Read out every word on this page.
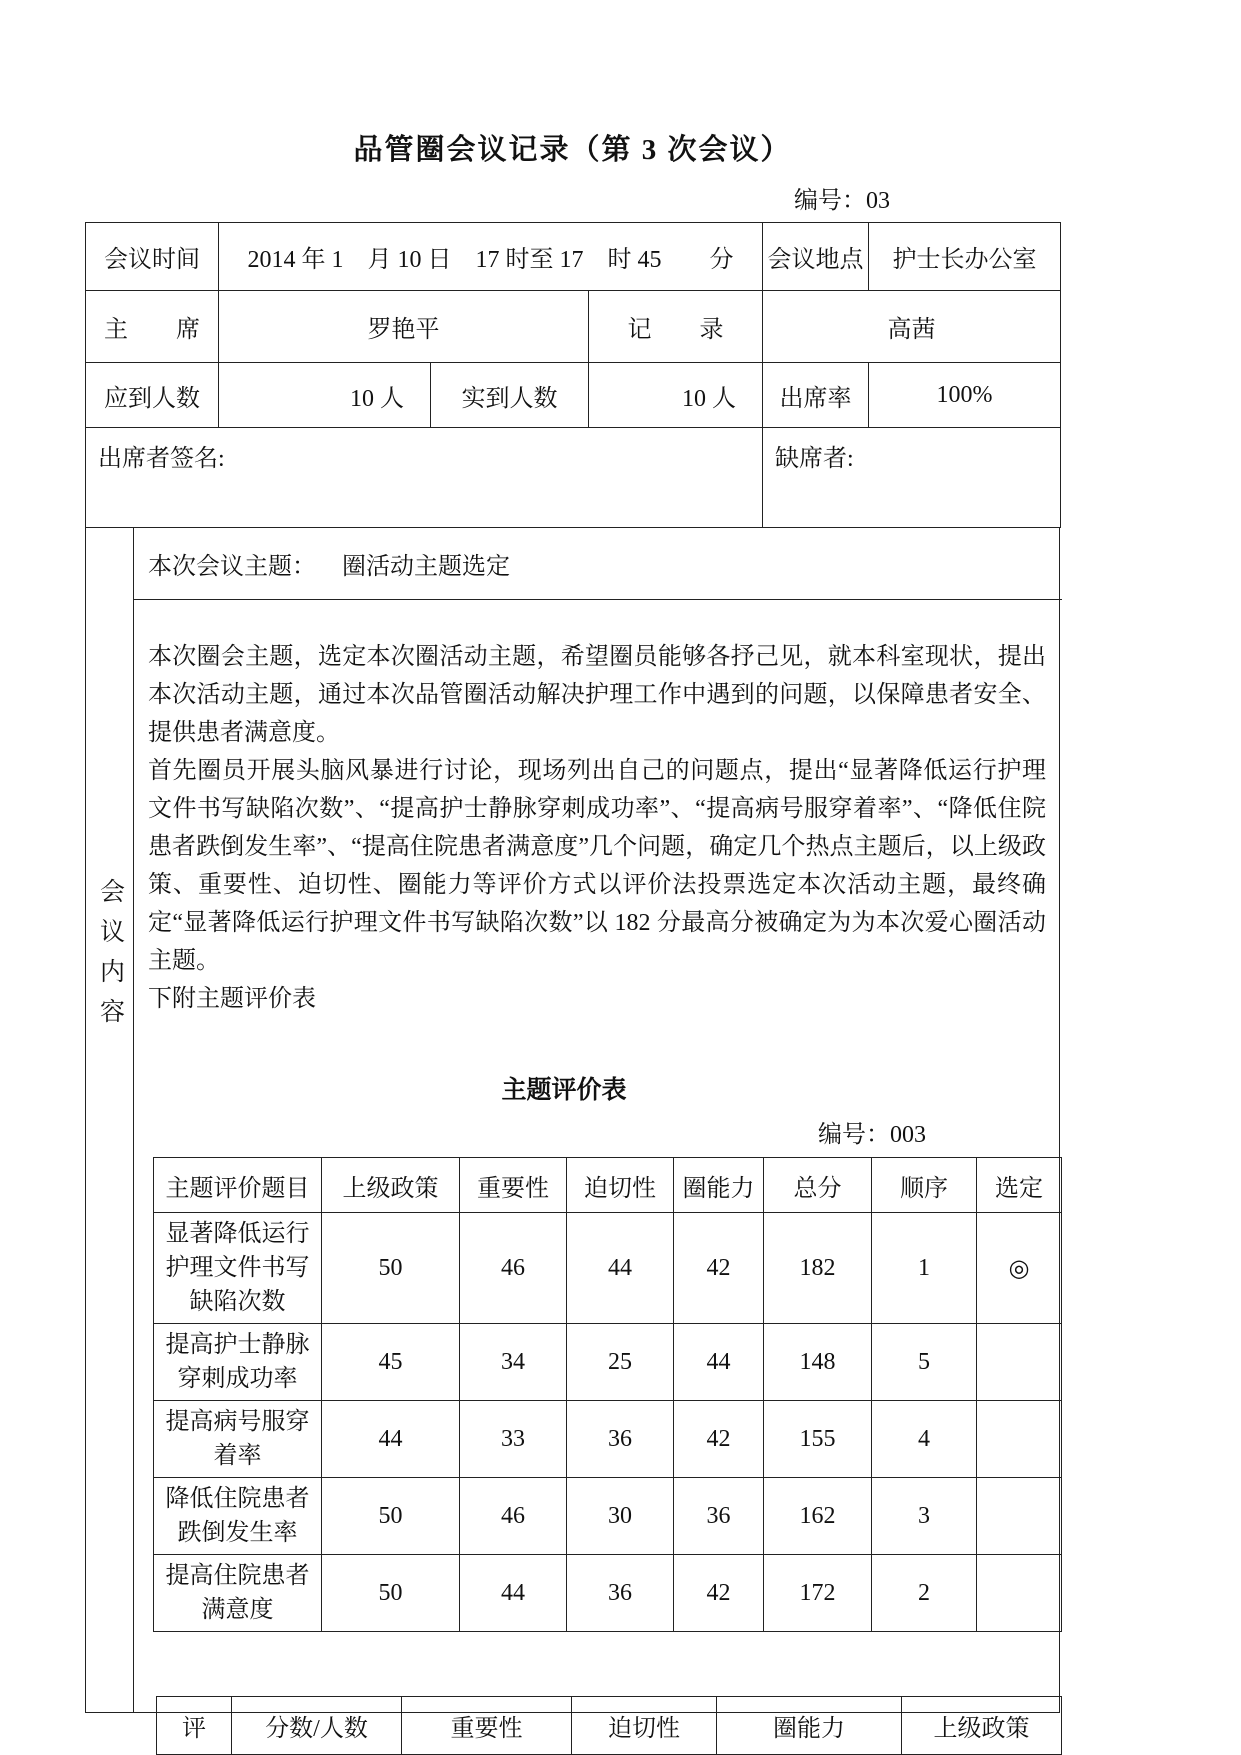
品管圈会议记录（第 3 次会议）
编号：03
会议时间	2014 年 1　月 10 日　17 时至 17　时 45　　分			会议地点	护士长办公室
主　　席	罗艳平		记　　录	高茜	
应到人数	10 人	实到人数	10 人	出席率	100%
出席者签名:				缺席者:	
会议内容
本次会议主题： 圈活动主题选定
本次圈会主题，选定本次圈活动主题，希望圈员能够各抒己见，就本科室现状，提出本次活动主题，通过本次品管圈活动解决护理工作中遇到的问题，以保障患者安全、提供患者满意度。
首先圈员开展头脑风暴进行讨论，现场列出自己的问题点，提出“显著降低运行护理文件书写缺陷次数”、“提高护士静脉穿刺成功率”、“提高病号服穿着率”、“降低住院患者跌倒发生率”、“提高住院患者满意度”几个问题，确定几个热点主题后，以上级政策、重要性、迫切性、圈能力等评价方式以评价法投票选定本次活动主题，最终确定“显著降低运行护理文件书写缺陷次数”以 182 分最高分被确定为为本次爱心圈活动主题。
下附主题评价表
主题评价表
编号：003
主题评价题目	上级政策	重要性	迫切性	圈能力	总分	顺序	选定
显著降低运行护理文件书写缺陷次数	50	46	44	42	182	1	◎
提高护士静脉穿刺成功率	45	34	25	44	148	5	
提高病号服穿着率	44	33	36	42	155	4	
降低住院患者跌倒发生率	50	46	30	36	162	3	
提高住院患者满意度	50	44	36	42	172	2	
评	分数/人数	重要性	迫切性	圈能力	上级政策
